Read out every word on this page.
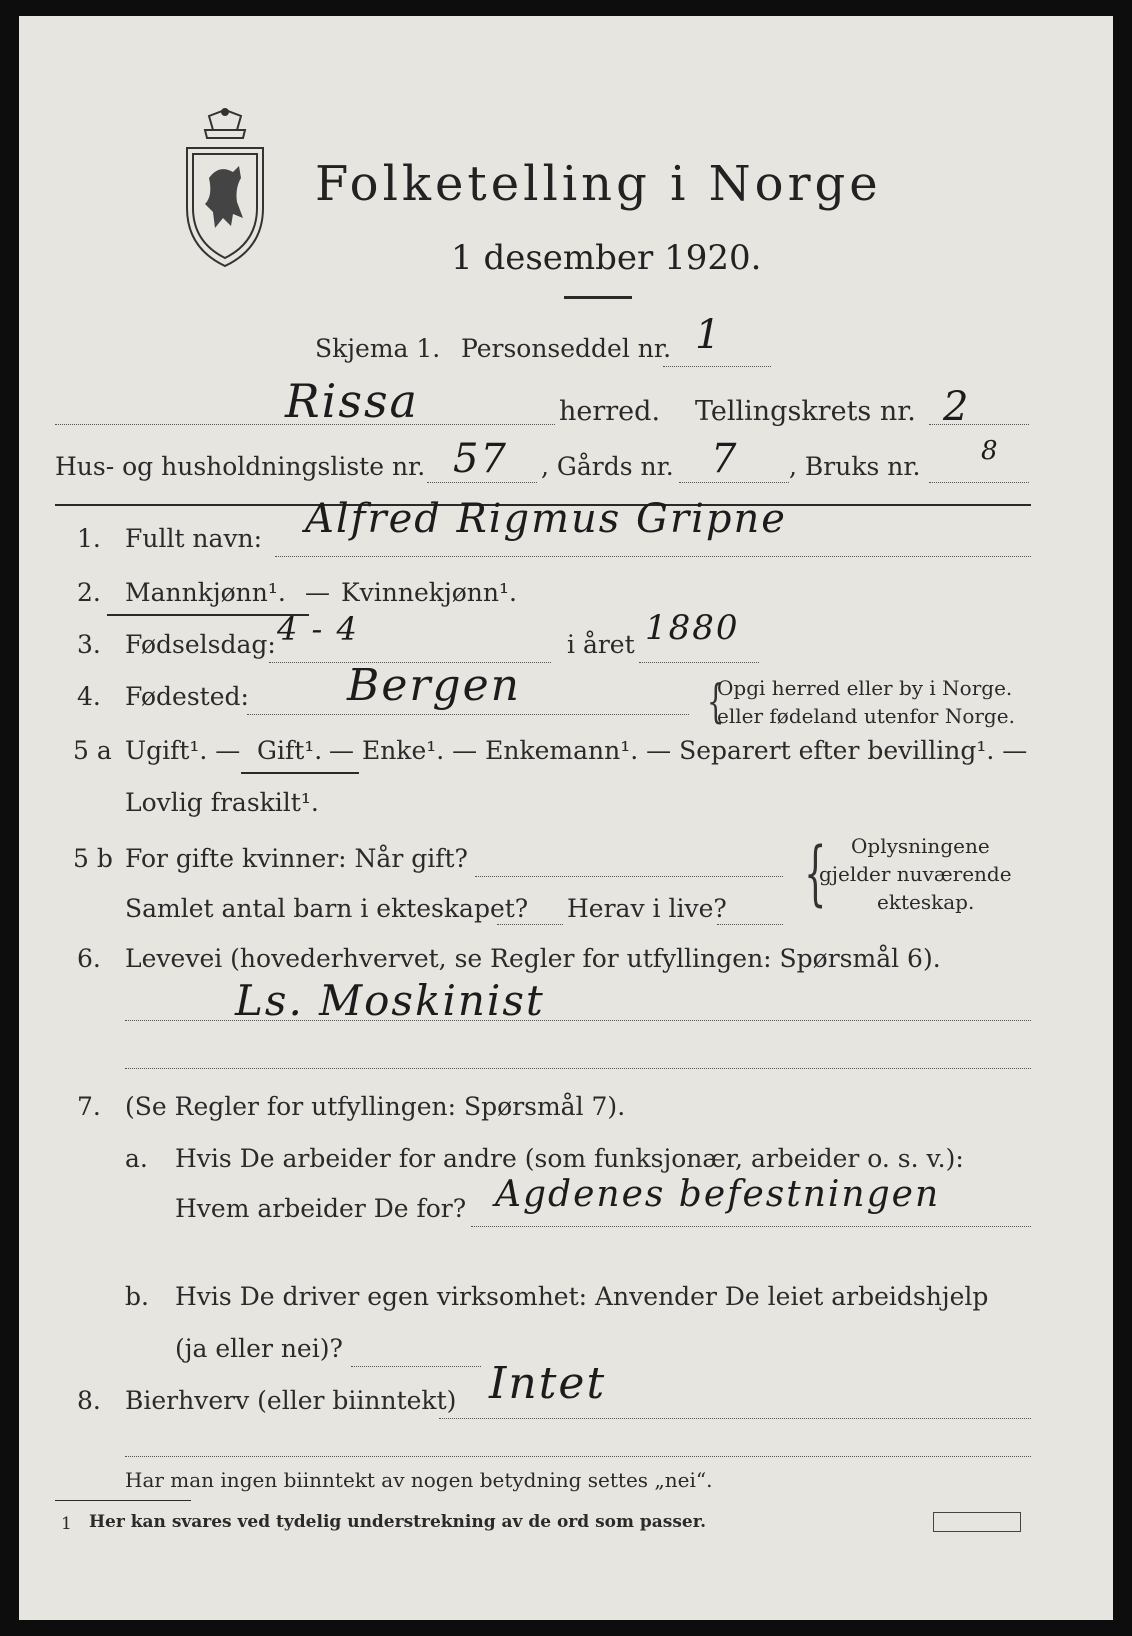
Folketelling i Norge
1 desember 1920.
Skjema 1. Personseddel nr. 1
Rissa	herred. Tellingskrets nr. 2
Hus- og husholdningsliste nr. 57 , Gårds nr. 7 , Bruks nr.
8
1. Fullt navn: Alfred Rigmus Gripne
2. Mannkjønn¹. — Kvinnekjønn¹.
3. Fødselsdag: 4 - 4	i året 1880
4. Fødested: Bergen	{
Opgi herred eller by i Norge.
eller fødeland utenfor Norge.
5 a Ugift¹. — Gift¹. — Enke¹. — Enkemann¹. — Separert efter bevilling¹. —
Lovlig fraskilt¹.
5 b For gifte kvinner: Når gift?
Samlet antal barn i ekteskapet? Herav i live? { Oplysningene
gjelder nuværende
ekteskap.
6. Levevei (hovederhvervet, se Regler for utfyllingen: Spørsmål 6).
Ls. Moskinist
7. (Se Regler for utfyllingen: Spørsmål 7).
a. Hvis De arbeider for andre (som funksjonær, arbeider o. s. v.):
Hvem arbeider De for? Agdenes befestningen
b. Hvis De driver egen virksomhet: Anvender De leiet arbeidshjelp
(ja eller nei)?
8. Bierhverv (eller biinntekt) Intet
Har man ingen biinntekt av nogen betydning settes „nei“.
1 Her kan svares ved tydelig understrekning av de ord som passer.
